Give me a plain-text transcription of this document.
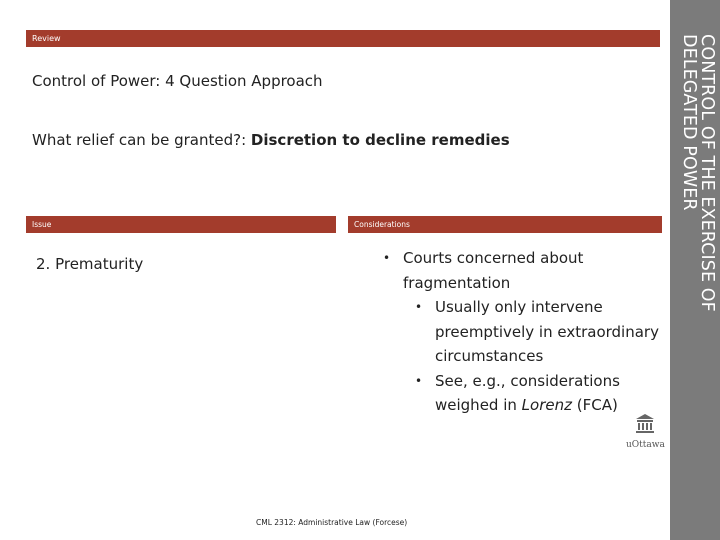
Review
Control of Power: 4 Question Approach
What relief can be granted?: Discretion to decline remedies
Issue	Considerations
2. Prematurity	• Courts concerned about fragmentation
• Usually only intervene preemptively in extraordinary circumstances
• See, e.g., considerations weighed in Lorenz (FCA)
CML 2312: Administrative Law (Forcese)
CONTROL OF THE EXERCISE OF DELEGATED POWER
uOttawa
